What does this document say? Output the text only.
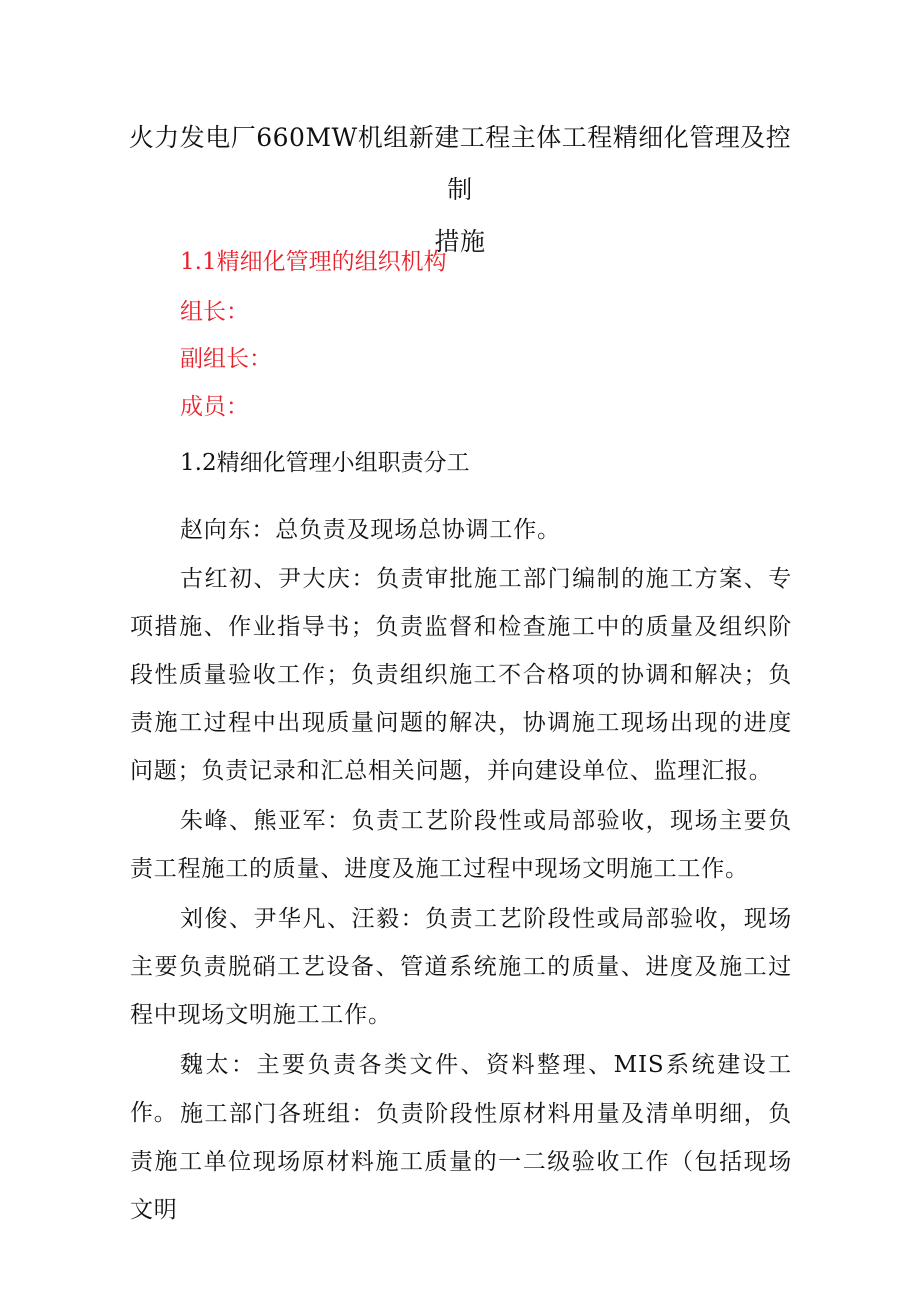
火力发电厂660MW机组新建工程主体工程精细化管理及控制
措施
1.1精细化管理的组织机构
组长：
副组长：
成员：
1.2精细化管理小组职责分工
赵向东：总负责及现场总协调工作。
古红初、尹大庆：负责审批施工部门编制的施工方案、专项措施、作业指导书；负责监督和检查施工中的质量及组织阶段性质量验收工作；负责组织施工不合格项的协调和解决；负责施工过程中出现质量问题的解决，协调施工现场出现的进度问题；负责记录和汇总相关问题，并向建设单位、监理汇报。
朱峰、熊亚军：负责工艺阶段性或局部验收，现场主要负责工程施工的质量、进度及施工过程中现场文明施工工作。
刘俊、尹华凡、汪毅：负责工艺阶段性或局部验收，现场主要负责脱硝工艺设备、管道系统施工的质量、进度及施工过程中现场文明施工工作。
魏太：主要负责各类文件、资料整理、MIS系统建设工作。 施工部门各班组：负责阶段性原材料用量及清单明细，负责施工单位现场原材料施工质量的一二级验收工作（包括现场文明
